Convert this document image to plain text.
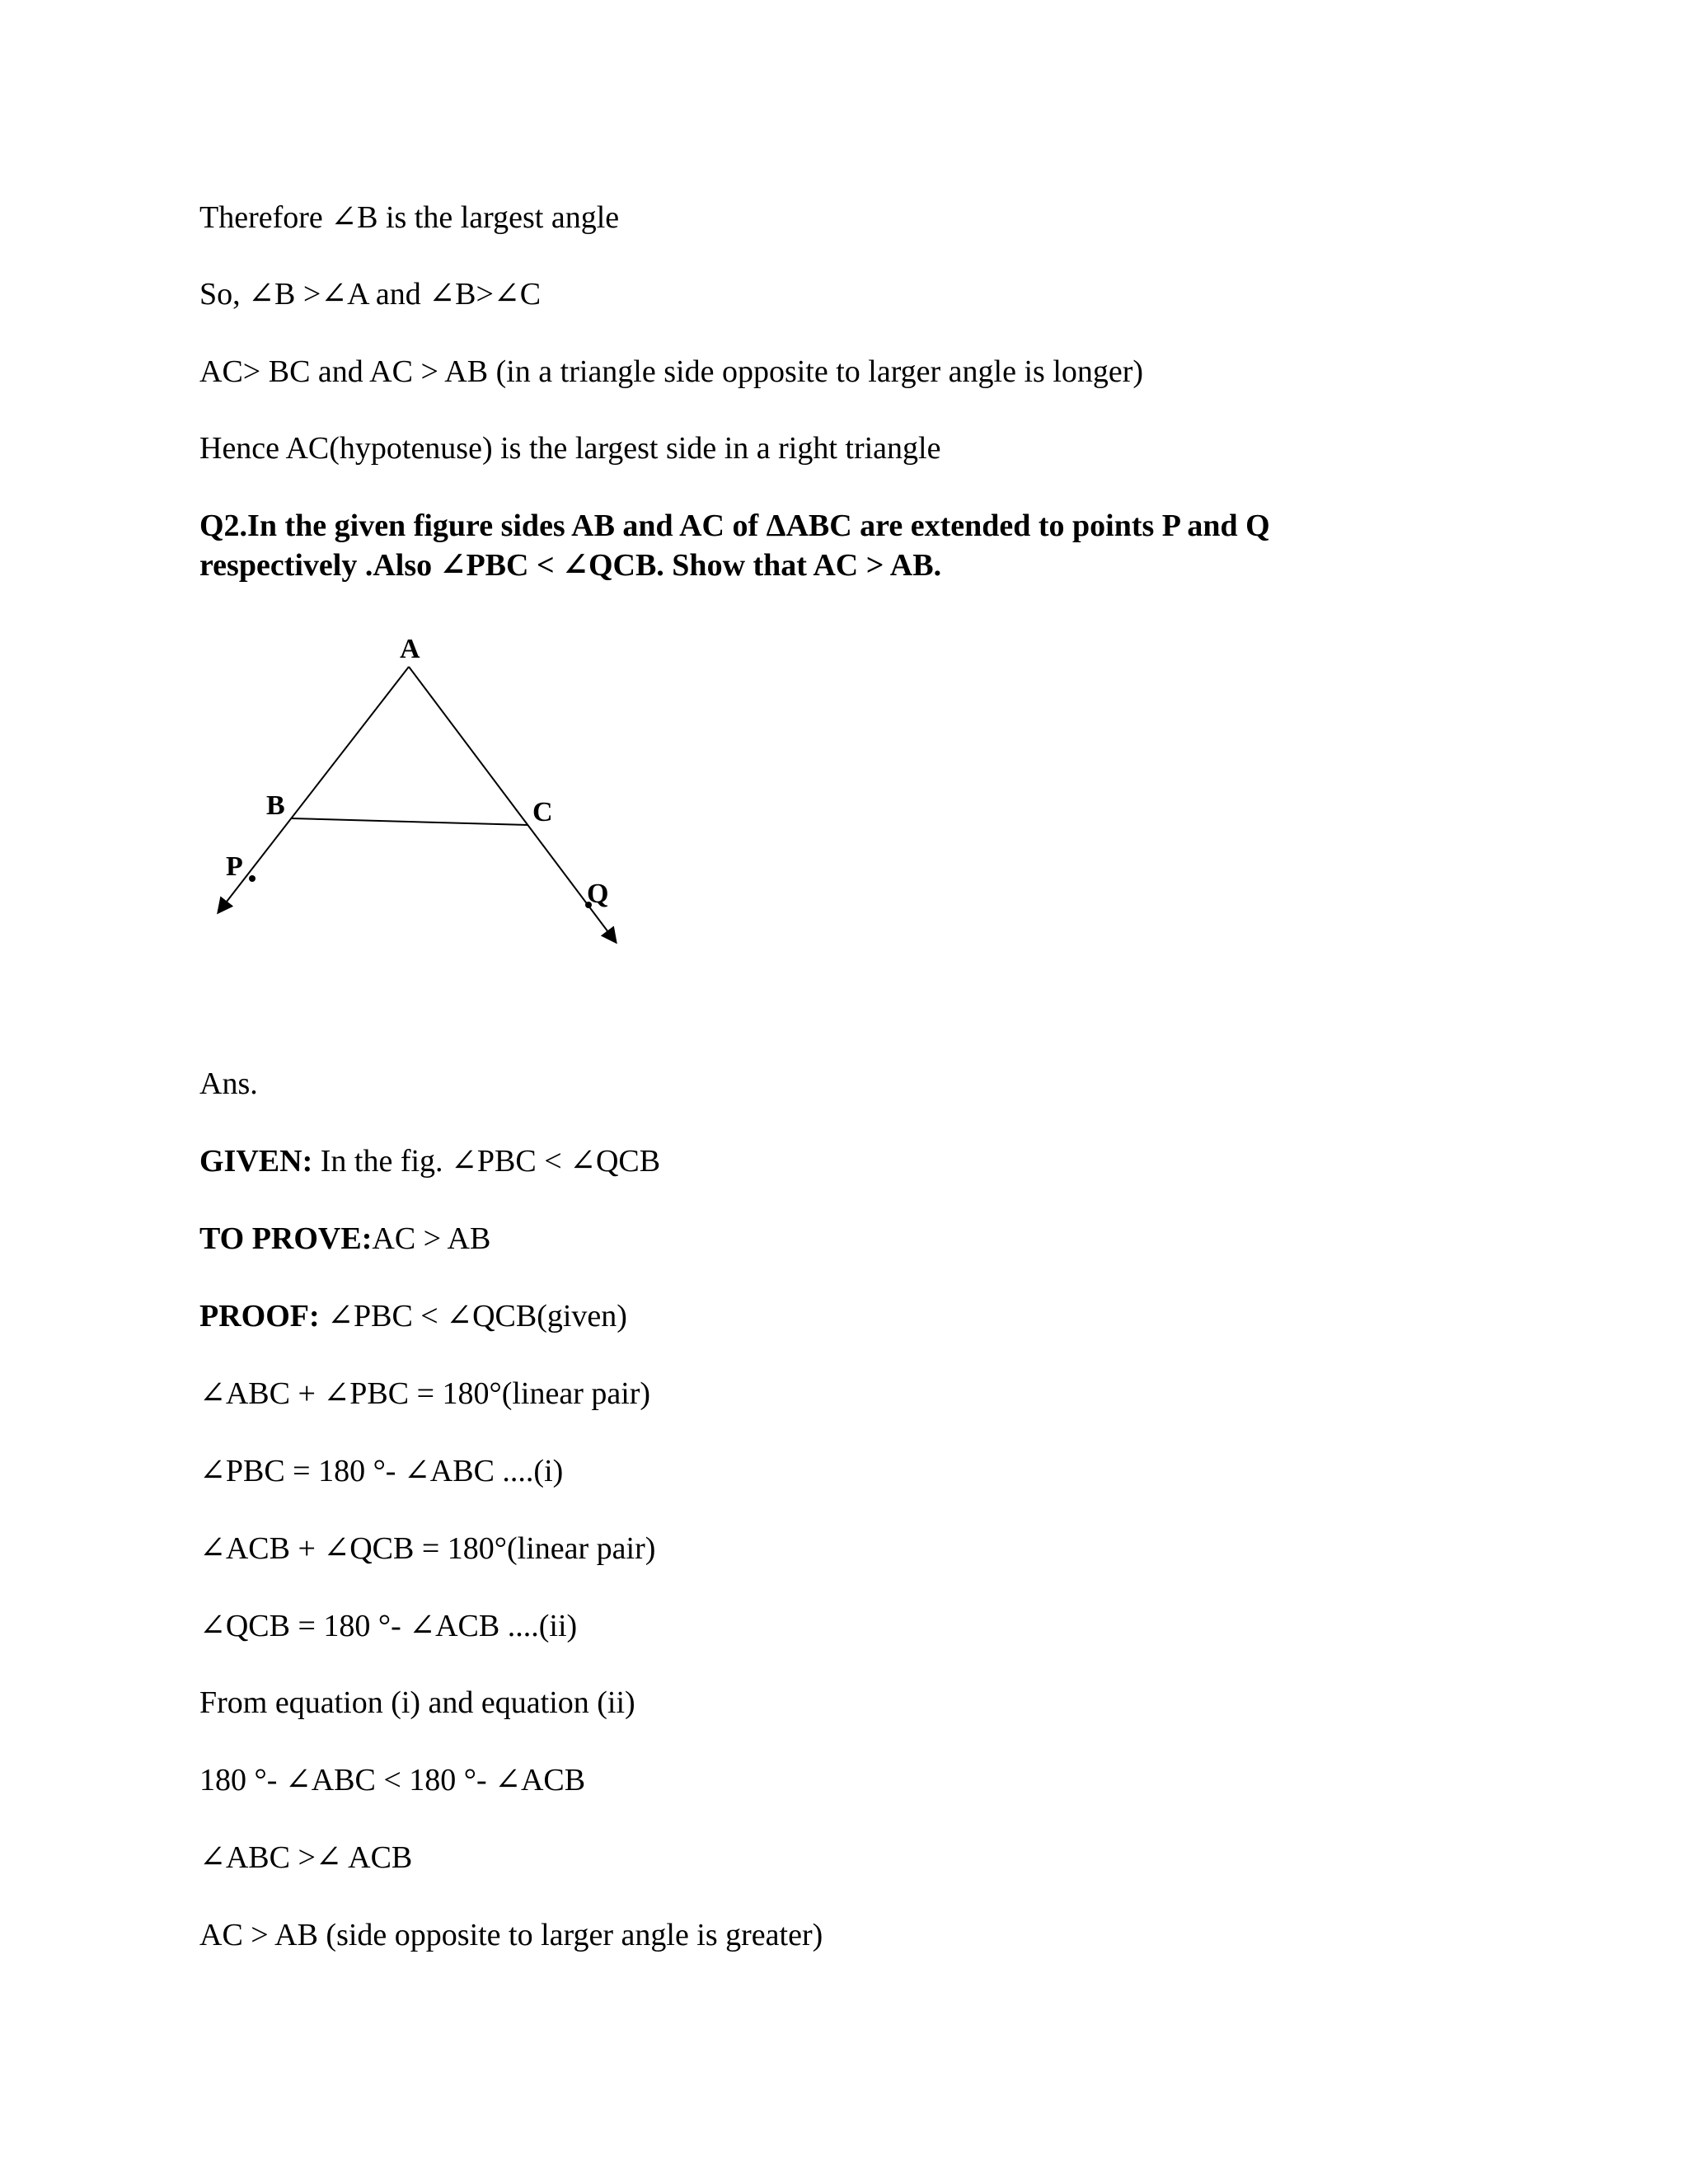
Therefore ∠B is the largest angle
So, ∠B >∠A and ∠B>∠C
AC> BC and AC > AB (in a triangle side opposite to larger angle is longer)
Hence AC(hypotenuse) is the largest side in a right triangle
Q2.In the given figure sides AB and AC of ΔABC are extended to points P and Q
respectively .Also ∠PBC < ∠QCB. Show that AC > AB.
A
B	C
P
Q
Ans.
GIVEN: In the fig. ∠PBC < ∠QCB
TO PROVE:AC > AB
PROOF: ∠PBC < ∠QCB(given)
∠ABC + ∠PBC = 180°(linear pair)
∠PBC = 180 °- ∠ABC ....(i)
∠ACB + ∠QCB = 180°(linear pair)
∠QCB = 180 °- ∠ACB ....(ii)
From equation (i) and equation (ii)
180 °- ∠ABC < 180 °- ∠ACB
∠ABC >∠ ACB
AC > AB (side opposite to larger angle is greater)
